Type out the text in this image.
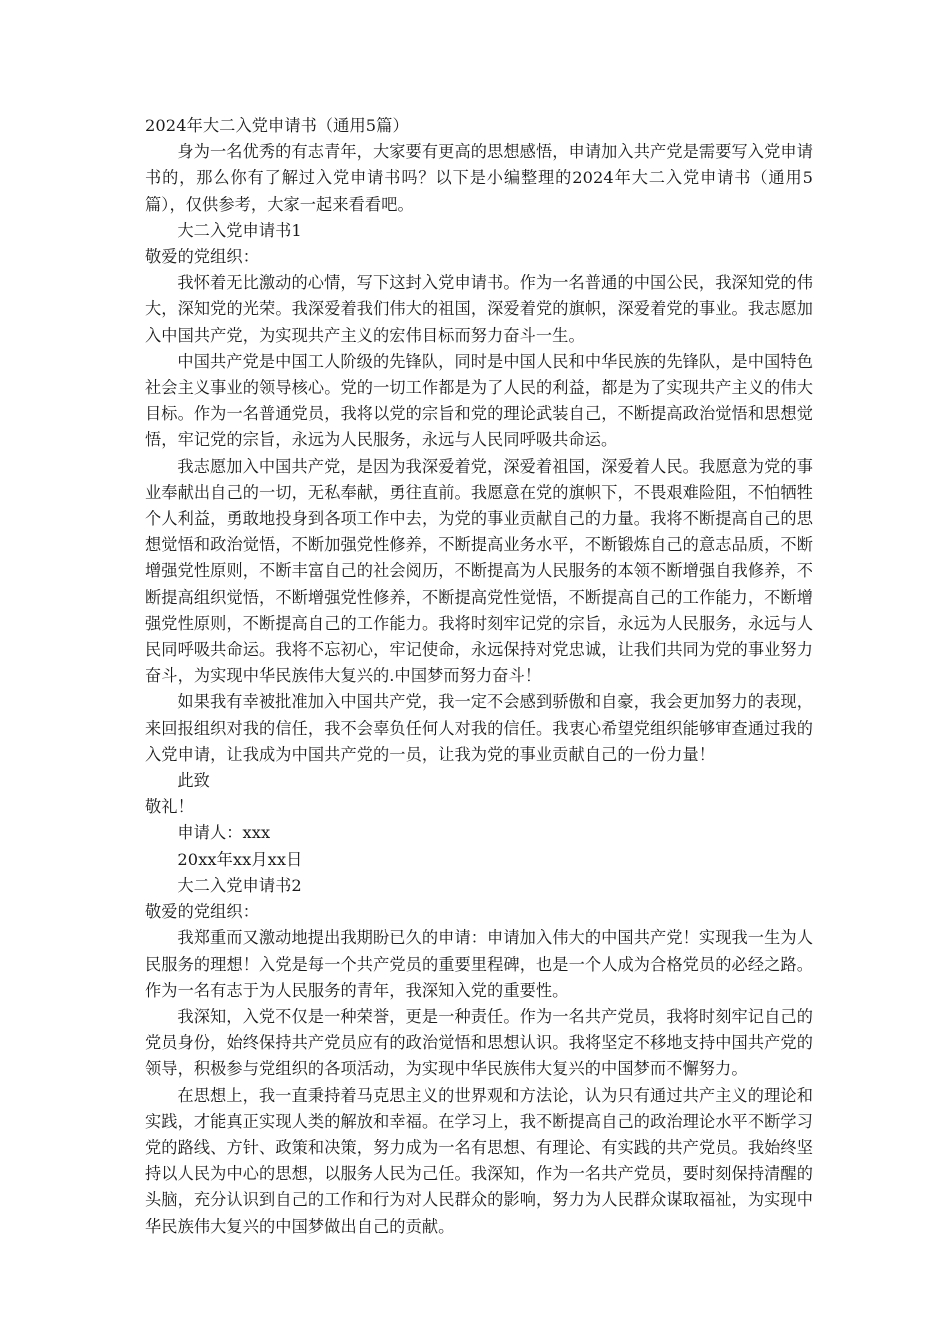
2024年大二入党申请书（通用5篇）

身为一名优秀的有志青年，大家要有更高的思想感悟，申请加入共产党是需要写入党申请书的，那么你有了解过入党申请书吗？以下是小编整理的2024年大二入党申请书（通用5篇），仅供参考，大家一起来看看吧。

大二入党申请书1

敬爱的党组织：

我怀着无比激动的心情，写下这封入党申请书。作为一名普通的中国公民，我深知党的伟大，深知党的光荣。我深爱着我们伟大的祖国，深爱着党的旗帜，深爱着党的事业。我志愿加入中国共产党，为实现共产主义的宏伟目标而努力奋斗一生。

中国共产党是中国工人阶级的先锋队，同时是中国人民和中华民族的先锋队，是中国特色社会主义事业的领导核心。党的一切工作都是为了人民的利益，都是为了实现共产主义的伟大目标。作为一名普通党员，我将以党的宗旨和党的理论武装自己，不断提高政治觉悟和思想觉悟，牢记党的宗旨，永远为人民服务，永远与人民同呼吸共命运。

我志愿加入中国共产党，是因为我深爱着党，深爱着祖国，深爱着人民。我愿意为党的事业奉献出自己的一切，无私奉献，勇往直前。我愿意在党的旗帜下，不畏艰难险阻，不怕牺牲个人利益，勇敢地投身到各项工作中去，为党的事业贡献自己的力量。我将不断提高自己的思想觉悟和政治觉悟，不断加强党性修养，不断提高业务水平，不断锻炼自己的意志品质，不断增强党性原则，不断丰富自己的社会阅历，不断提高为人民服务的本领不断增强自我修养，不断提高组织觉悟，不断增强党性修养，不断提高党性觉悟，不断提高自己的工作能力，不断增强党性原则，不断提高自己的工作能力。我将时刻牢记党的宗旨，永远为人民服务，永远与人民同呼吸共命运。我将不忘初心，牢记使命，永远保持对党忠诚，让我们共同为党的事业努力奋斗，为实现中华民族伟大复兴的.中国梦而努力奋斗！

如果我有幸被批准加入中国共产党，我一定不会感到骄傲和自豪，我会更加努力的表现，来回报组织对我的信任，我不会辜负任何人对我的信任。我衷心希望党组织能够审查通过我的入党申请，让我成为中国共产党的一员，让我为党的事业贡献自己的一份力量！

此致

敬礼！

申请人：xxx

20xx年xx月xx日

大二入党申请书2

敬爱的党组织：

我郑重而又激动地提出我期盼已久的申请：申请加入伟大的中国共产党！实现我一生为人民服务的理想！入党是每一个共产党员的重要里程碑，也是一个人成为合格党员的必经之路。作为一名有志于为人民服务的青年，我深知入党的重要性。

我深知，入党不仅是一种荣誉，更是一种责任。作为一名共产党员，我将时刻牢记自己的党员身份，始终保持共产党员应有的政治觉悟和思想认识。我将坚定不移地支持中国共产党的领导，积极参与党组织的各项活动，为实现中华民族伟大复兴的中国梦而不懈努力。

在思想上，我一直秉持着马克思主义的世界观和方法论，认为只有通过共产主义的理论和实践，才能真正实现人类的解放和幸福。在学习上，我不断提高自己的政治理论水平不断学习党的路线、方针、政策和决策，努力成为一名有思想、有理论、有实践的共产党员。我始终坚持以人民为中心的思想，以服务人民为己任。我深知，作为一名共产党员，要时刻保持清醒的头脑，充分认识到自己的工作和行为对人民群众的影响，努力为人民群众谋取福祉，为实现中华民族伟大复兴的中国梦做出自己的贡献。
